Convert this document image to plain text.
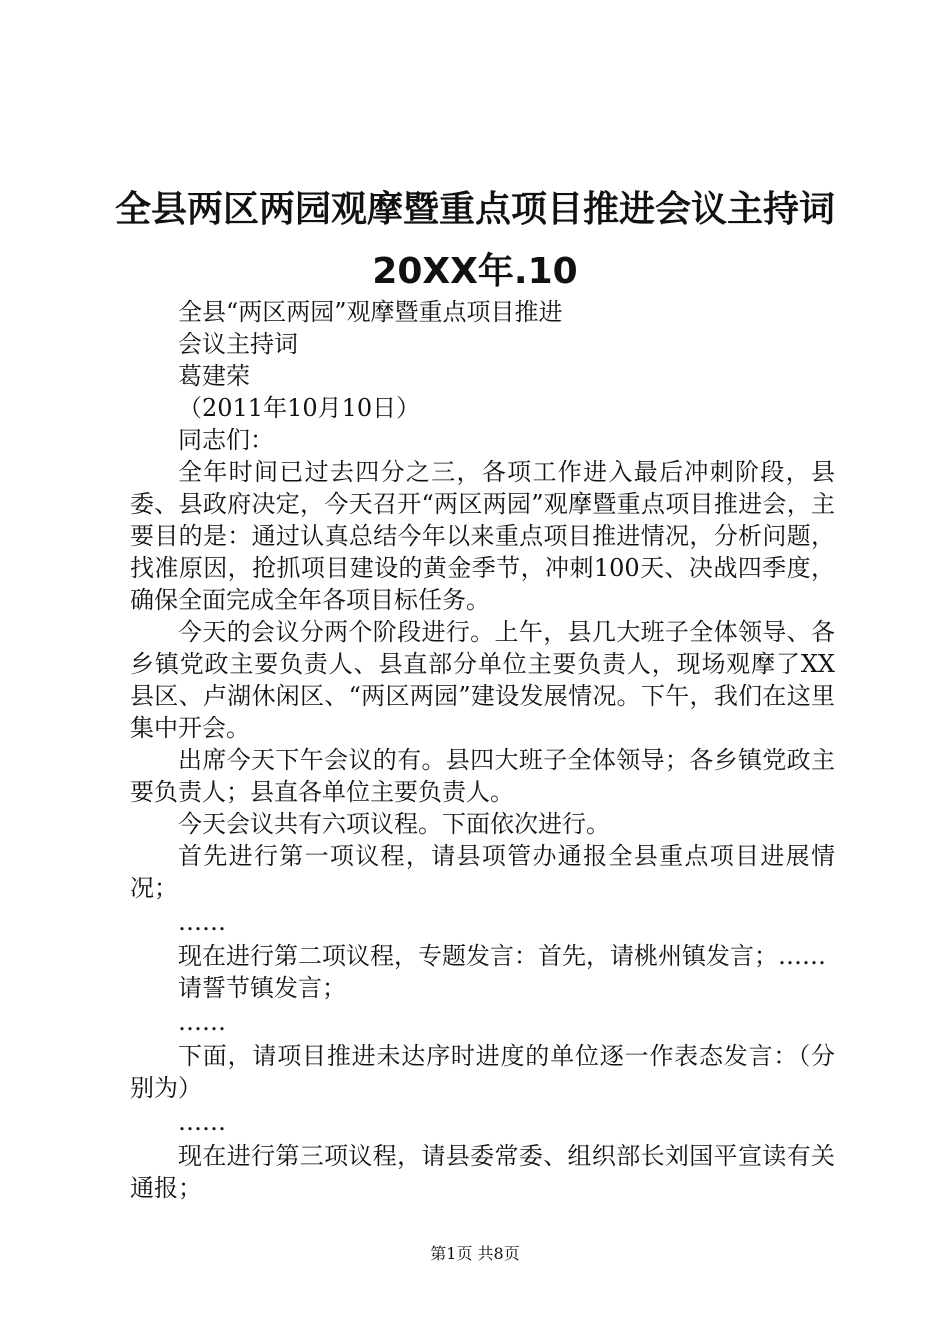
全县两区两园观摩暨重点项目推进会议主持词
20XX年.10

全县“两区两园”观摩暨重点项目推进

会议主持词

葛建荣

（2011年10月10日）

同志们：

全年时间已过去四分之三，各项工作进入最后冲刺阶段，县委、县政府决定，今天召开“两区两园”观摩暨重点项目推进会，主要目的是：通过认真总结今年以来重点项目推进情况，分析问题，找准原因，抢抓项目建设的黄金季节，冲刺100天、决战四季度，确保全面完成全年各项目标任务。

今天的会议分两个阶段进行。上午，县几大班子全体领导、各乡镇党政主要负责人、县直部分单位主要负责人，现场观摩了XX县区、卢湖休闲区、“两区两园”建设发展情况。下午，我们在这里集中开会。

出席今天下午会议的有。县四大班子全体领导；各乡镇党政主要负责人；县直各单位主要负责人。

今天会议共有六项议程。下面依次进行。

首先进行第一项议程，请县项管办通报全县重点项目进展情况；

……

现在进行第二项议程，专题发言：首先，请桃州镇发言；……

请誓节镇发言；

……

下面，请项目推进未达序时进度的单位逐一作表态发言：（分别为）

……

现在进行第三项议程，请县委常委、组织部长刘国平宣读有关通报；

第1页 共8页
